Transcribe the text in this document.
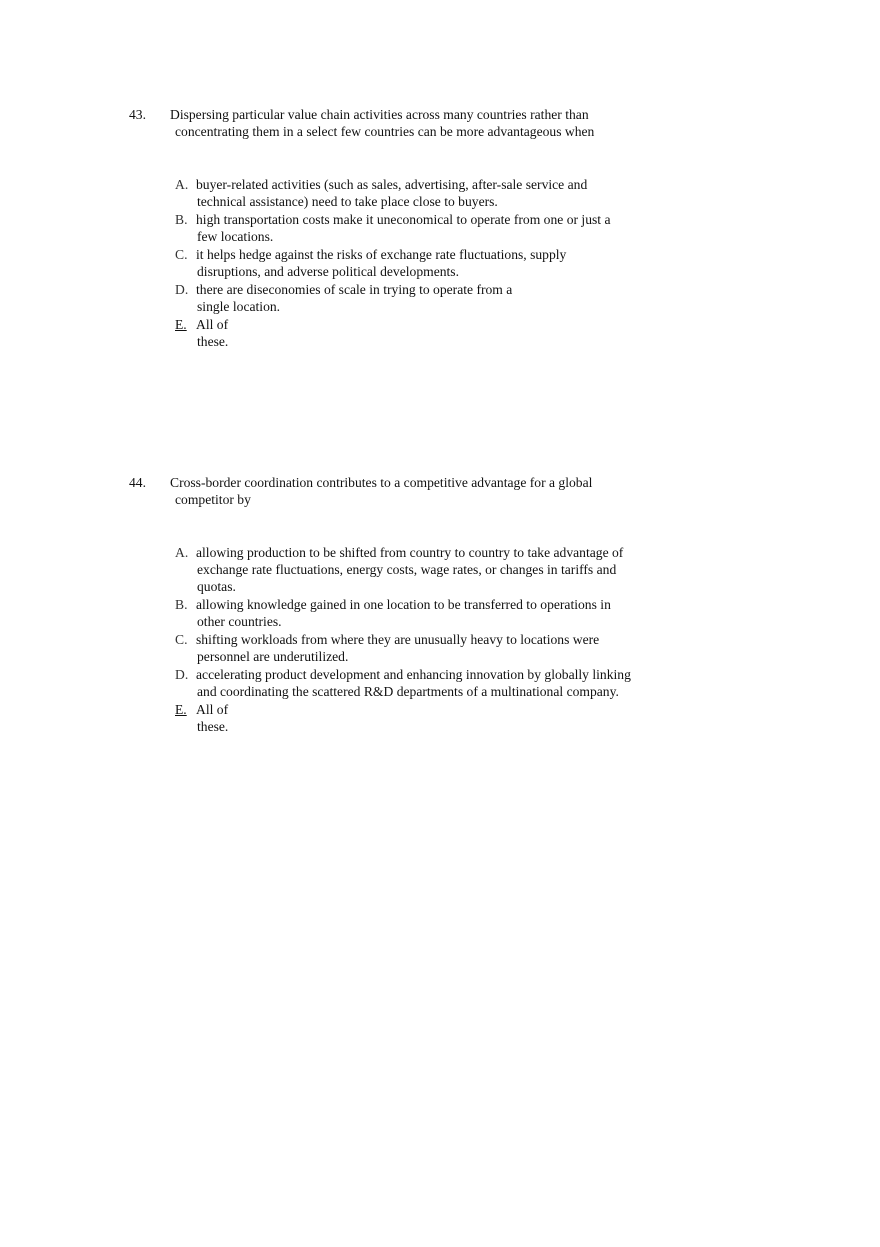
43. Dispersing particular value chain activities across many countries rather than
concentrating them in a select few countries can be more advantageous when
A. buyer-related activities (such as sales, advertising, after-sale service and
technical assistance) need to take place close to buyers.
B. high transportation costs make it uneconomical to operate from one or just a
few locations.
C. it helps hedge against the risks of exchange rate fluctuations, supply
disruptions, and adverse political developments.
D. there are diseconomies of scale in trying to operate from a
single location.
E. All of
these.
44. Cross-border coordination contributes to a competitive advantage for a global
competitor by
A. allowing production to be shifted from country to country to take advantage of
exchange rate fluctuations, energy costs, wage rates, or changes in tariffs and
quotas.
B. allowing knowledge gained in one location to be transferred to operations in
other countries.
C. shifting workloads from where they are unusually heavy to locations were
personnel are underutilized.
D. accelerating product development and enhancing innovation by globally linking
and coordinating the scattered R&D departments of a multinational company.
E. All of
these.
